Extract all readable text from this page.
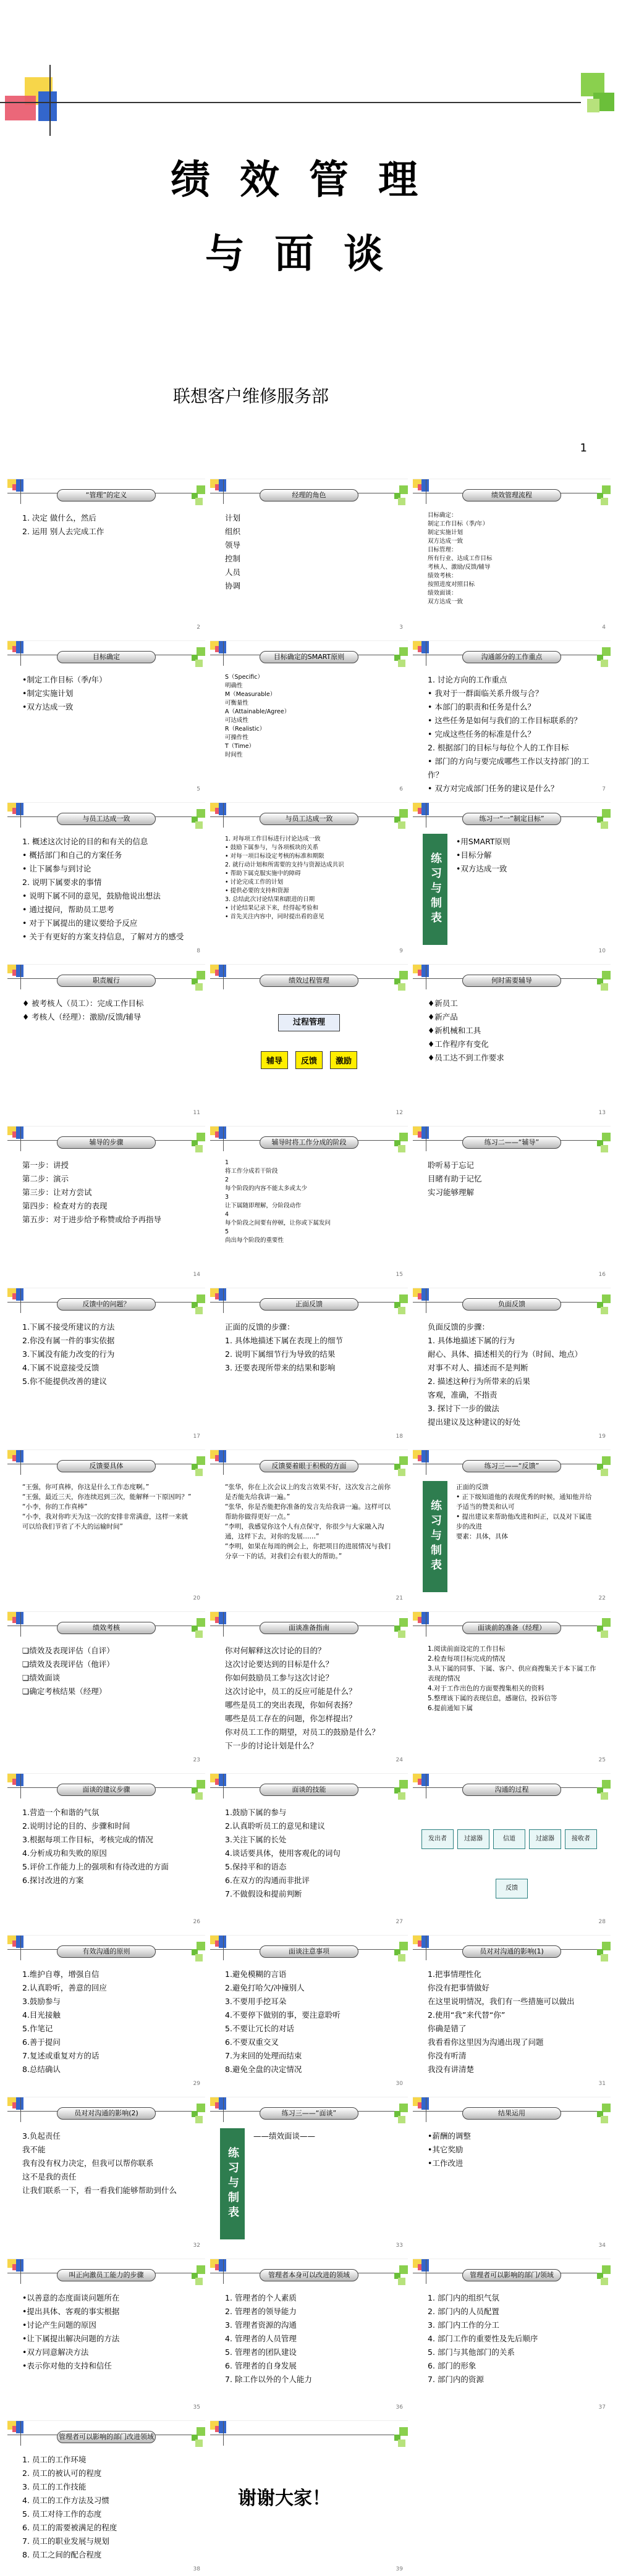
绩效管理
与面谈
联想客户维修服务部
1
“管理”的定义
1. 决定 做什么，然后
2. 运用 别人去完成工作
2
经理的角色
计划
组织
领导
控制
人员
协调
3
绩效管理流程
目标确定：
制定工作目标（季/年）
制定实施计划
双方达成一致
目标管理：
所有行业、达成工作目标
考核人、激励/反馈/辅导
绩效考核：
按照进度对照目标
绩效面谈：
双方达成一致
4
目标确定
•制定工作目标（季/年）
•制定实施计划
•双方达成一致
5
目标确定的SMART原则
S（Specific）
明确性
M（Measurable）
可衡量性
A（Attainable/Agree）
可达成性
R（Realistic）
可操作性
T（Time）
时间性
6
沟通部分的工作重点
1. 讨论方向的工作重点
• 我对于一群面临关系升级与合？
• 本部门的职责和任务是什么？
• 这些任务是如何与我们的工作目标联系的？
• 完成这些任务的标准是什么？
2. 根据部门的目标与每位个人的工作目标
• 部门的方向与要完成哪些工作以支持部门的工作？
• 双方对完成部门任务的建议是什么？	7
与员工达成一致
1. 概述这次讨论的目的和有关的信息
• 概括部门和自己的方案任务
• 让下属参与到讨论
2. 说明下属要求的事情
• 说明下属不同的意见，鼓励他说出想法
• 通过提问，帮助员工思考
• 对于下属提出的建议要给予反应
• 关于有更好的方案支持信息，了解对方的感受
8
与员工达成一致
1. 对每项工作目标进行讨论达成一致
• 鼓励下属参与，与各项板块的关系
• 对每一项目标设定考核的标准和期限
2. 就行动计划和所需要的支持与资源达成共识
• 帮助下属克服实施中的障碍
• 讨论完成工作的计划
• 提供必要的支持和资源
3. 总结此次讨论结果和跟进的日期
• 讨论结果记录下来，经得起考验和
• 首先关注内容中，同时提出看的意见
9
练习一“一”制定目标”
练习与制表
•用SMART原则
•目标分解
•双方达成一致
10
职责履行
♦ 被考核人（员工）：完成工作目标
♦ 考核人（经理）：激励/反馈/辅导
11
绩效过程管理
过程管理
辅导 反馈 激励
12
何时需要辅导
♦新员工
♦新产品
♦新机械和工具
♦工作程序有变化
♦员工达不到工作要求
13
辅导的步骤
第一步：讲授
第二步：演示
第三步：让对方尝试
第四步：检查对方的表现
第五步：对于进步给予称赞或给予再指导
14
辅导时将工作分成的阶段
1
将工作分成若干阶段
2
每个阶段的内容不能太多或太少
3
让下属随即理解，分阶段动作
4
每个阶段之间要有停顿，让你或下属发问
5
尚出每个阶段的重要性
15
练习二——“辅导”
聆听易于忘记
目睹有助于记忆
实习能够理解
16
反馈中的问题？
1.下属不接受所建议的方法
2.你没有属一件的事实依据
3.下属没有能力改变的行为
4.下属不说意接受反馈
5.你不能提供改善的建议
17
正面反馈
正面的反馈的步骤：
1. 具体地描述下属在表现上的细节
2. 说明下属细节行为导致的结果
3. 还要表现所带来的结果和影响
18
负面反馈
负面反馈的步骤：
1. 具体地描述下属的行为
耐心、具体、描述相关的行为（时间、地点）
对事不对人、描述而不是判断
2. 描述这种行为所带来的后果
客观，准确，不指责
3. 探讨下一步的做法
提出建议及这种建议的好处
19
反馈要具体
“王强，你可真棒，你这是什么工作态度啊。”
“王强，最近三天，你连续迟到三次，能解释一下原因吗？”
“小李，你的工作真棒”
“小李，我对你昨天为这一次的安排非常满意，这样一来就可以给我们节省了不大的运输时间”
20
反馈要着眼于积极的方面
“张华，你在上次会议上的发言效果不好，这次发言之前你是否能先给我讲一遍。”
“张华，你是否能把你准备的发言先给我讲一遍。这样可以帮助你做得更好一点。”
“李明，我感觉你这个人有点保守，你很少与大家融入沟通，这样下去，对你的发展……”
“李明，如果在每周的例会上，你把项目的进展情况与我们分享一下的话，对我们会有很大的帮助。”
21
练习三——“反馈”
练习与制表
正面的反馈
• 正下级知道他的表现优秀的时候，通知他并给予适当的赞美和认可
• 提出建议来帮助他改进和纠正，以及对下属进步的改进
要素：具体，具体
22
绩效考核
❏绩效及表现评估（自评）
❏绩效及表现评估（他评）
❏绩效面谈
❏确定考核结果（经理）
23
面谈准备指南
你对何解释这次讨论的目的？
这次讨论要达到的目标是什么？
你如何鼓励员工参与这次讨论？
这次讨论中，员工的反应可能是什么？
哪些是员工的突出表现，你如何表扬？
哪些是员工存在的问题，你怎样提出？
你对员工工作的期望，对员工的鼓励是什么？
下一步的讨论计划是什么？
24
面谈前的准备（经理）
1.阅读前面设定的工作目标
2.检查每项目标完成的情况
3.从下属的同事、下属、客户、供应商搜集关于本下属工作表现的情况
4.对于工作出色的方面要搜集相关的资料
5.整理该下属的表现信息，感谢信，投诉信等
6.提前通知下属
25
面谈的建议步骤
1.营造一个和谐的气氛
2.说明讨论的目的、步骤和时间
3.根据每项工作目标，考核完成的情况
4.分析成功和失败的原因
5.评价工作能力上的强项和有待改进的方面
6.探讨改进的方案
26
面谈的技能
1.鼓励下属的参与
2.认真聆听员工的意见和建议
3.关注下属的长处
4.谈话要具体，使用客观化的词句
5.保持平和的语态
6.在双方的沟通而非批评
7.不做假设和提前判断
27
沟通的过程
发出者	过滤器	信道
反馈
过滤器	接收者
28
有效沟通的原则
1.维护自尊，增强自信
2.认真聆听，善意的回应
3.鼓励参与
4.目光接触
5.作笔记
6.善于提问
7.复述或重复对方的话
8.总结确认
29
面谈注意事项
1.避免模糊的言语
2.避免打哈欠/冲撞别人
3.不要用手挖耳朵
4.不要停下做别的事，要注意聆听
5.不要让冗长的对话
6.不要双重交叉
7.为来回的处理而结束
8.避免全盘的决定情况
30
员对对沟通的影响(1)
1.把事情理性化
你没有把事情做好
在这里说明情况，我们有一些措施可以做出
2.使用“我”来代替“你”
你确是错了
我看看你这里因为沟通出现了问题
你没有听清
我没有讲清楚
31
员对对沟通的影响(2)
3.负起责任
我不能
我有没有权力决定，但我可以帮你联系
这不是我的责任
让我们联系一下，看一看我们能够帮助到什么
32
练习三——“面谈”
练习与制表
——绩效面谈——
33
结果运用
•薪酬的调整
•其它奖励
•工作改进
34
叫正向激员工能力的步骤
•以善意的态度面谈问题所在
•提出具体、客观的事实根据
•讨论产生问题的原因
•让下属提出解决问题的方法
•双方同意解决方法
•表示你对他的支持和信任
35
管理者本身可以改进的领域
1. 管理者的个人素质
2. 管理者的领导能力
3. 管理者资源的沟通
4. 管理者的人员管理
5. 管理者的团队建设
6. 管理者的自身发展
7. 除工作以外的个人能力
36
管理者可以影响的部门/领域
1. 部门内的组织气氛
2. 部门内的人员配置
3. 部门内工作的分工
4. 部门工作的重要性及先后顺序
5. 部门与其他部门的关系
6. 部门的形象
7. 部门内的资源
37
管理者可以影响的部门改进领域
1. 员工的工作环境
2. 员工的被认可的程度
3. 员工的工作技能
4. 员工的工作方法及习惯
5. 员工对待工作的态度
6. 员工的需要被满足的程度
7. 员工的职业发展与规划
8. 员工之间的配合程度
38
谢谢大家！
39
